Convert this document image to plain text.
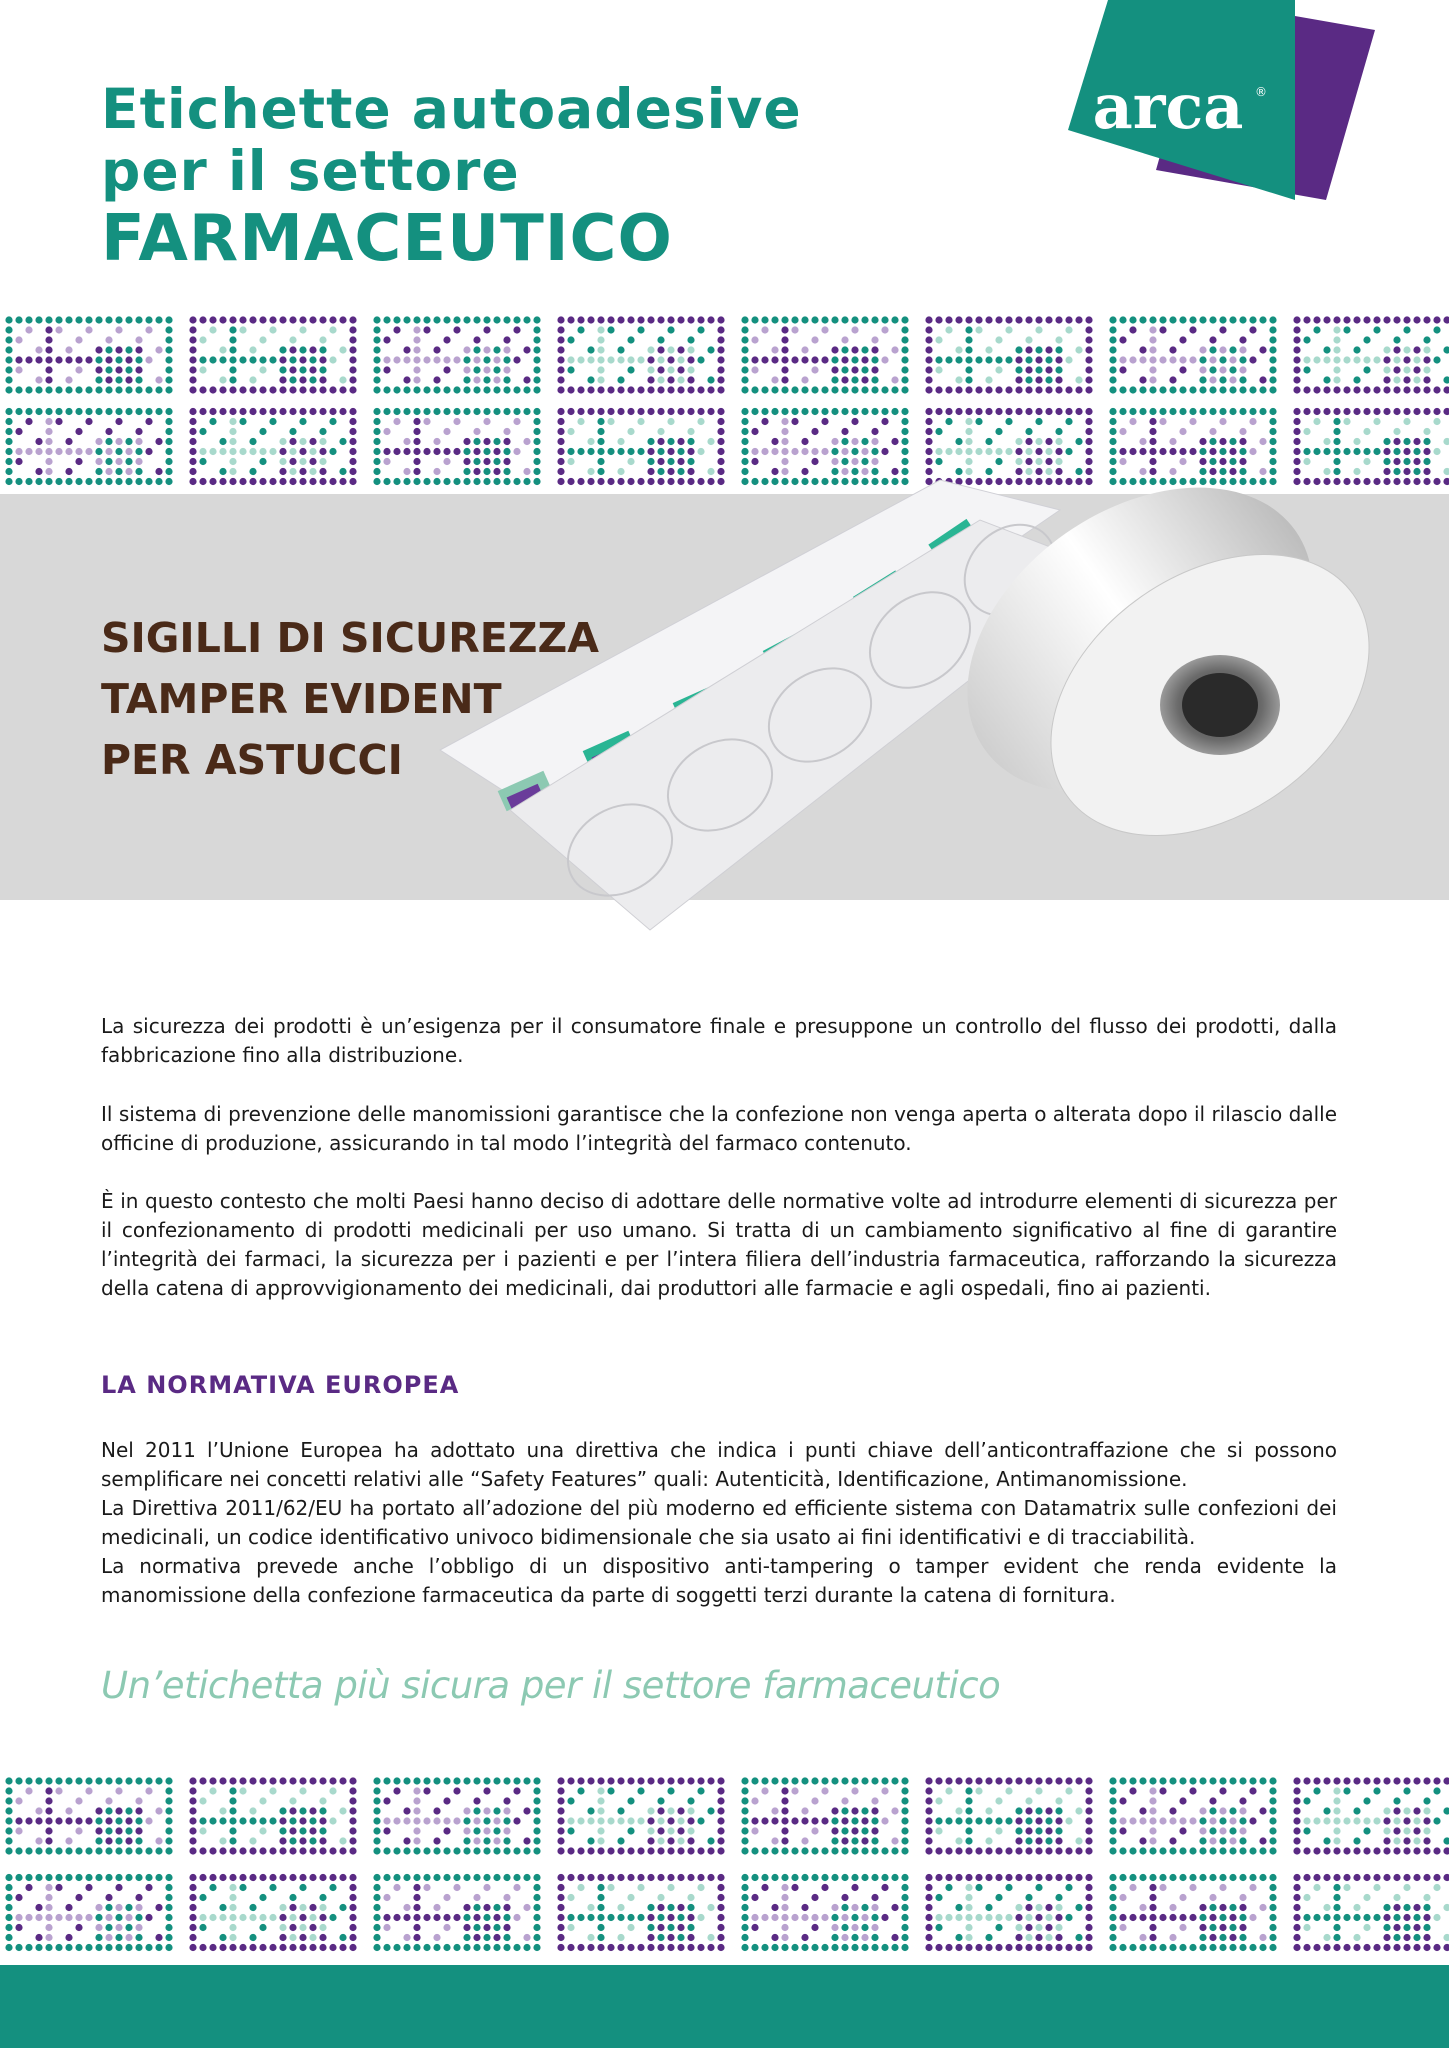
Etichette autoadesive
per il settore
FARMACEUTICO
arca ®
SIGILLI DI SICUREZZA
TAMPER EVIDENT
PER ASTUCCI

La sicurezza dei prodotti è un’esigenza per il consumatore finale e presuppone un controllo del flusso dei prodotti, dalla fabbricazione fino alla distribuzione.

Il sistema di prevenzione delle manomissioni garantisce che la confezione non venga aperta o alterata dopo il rilascio dalle officine di produzione, assicurando in tal modo l’integrità del farmaco contenuto.

È in questo contesto che molti Paesi hanno deciso di adottare delle normative volte ad introdurre elementi di sicurezza per il confezionamento di prodotti medicinali per uso umano. Si tratta di un cambiamento significativo al fine di garantire l’integrità dei farmaci, la sicurezza per i pazienti e per l’intera filiera dell’industria farmaceutica, rafforzando la sicurezza della catena di approvvigionamento dei medicinali, dai produttori alle farmacie e agli ospedali, fino ai pazienti.

LA NORMATIVA EUROPEA
Nel 2011 l’Unione Europea ha adottato una direttiva che indica i punti chiave dell’anticontraffazione che si possono semplificare nei concetti relativi alle “Safety Features” quali: Autenticità, Identificazione, Antimanomissione.
La Direttiva 2011/62/EU ha portato all’adozione del più moderno ed efficiente sistema con Datamatrix sulle confezioni dei medicinali, un codice identificativo univoco bidimensionale che sia usato ai fini identificativi e di tracciabilità.
La normativa prevede anche l’obbligo di un dispositivo anti-tampering o tamper evident che renda evidente la manomissione della confezione farmaceutica da parte di soggetti terzi durante la catena di fornitura.

Un’etichetta più sicura per il settore farmaceutico
